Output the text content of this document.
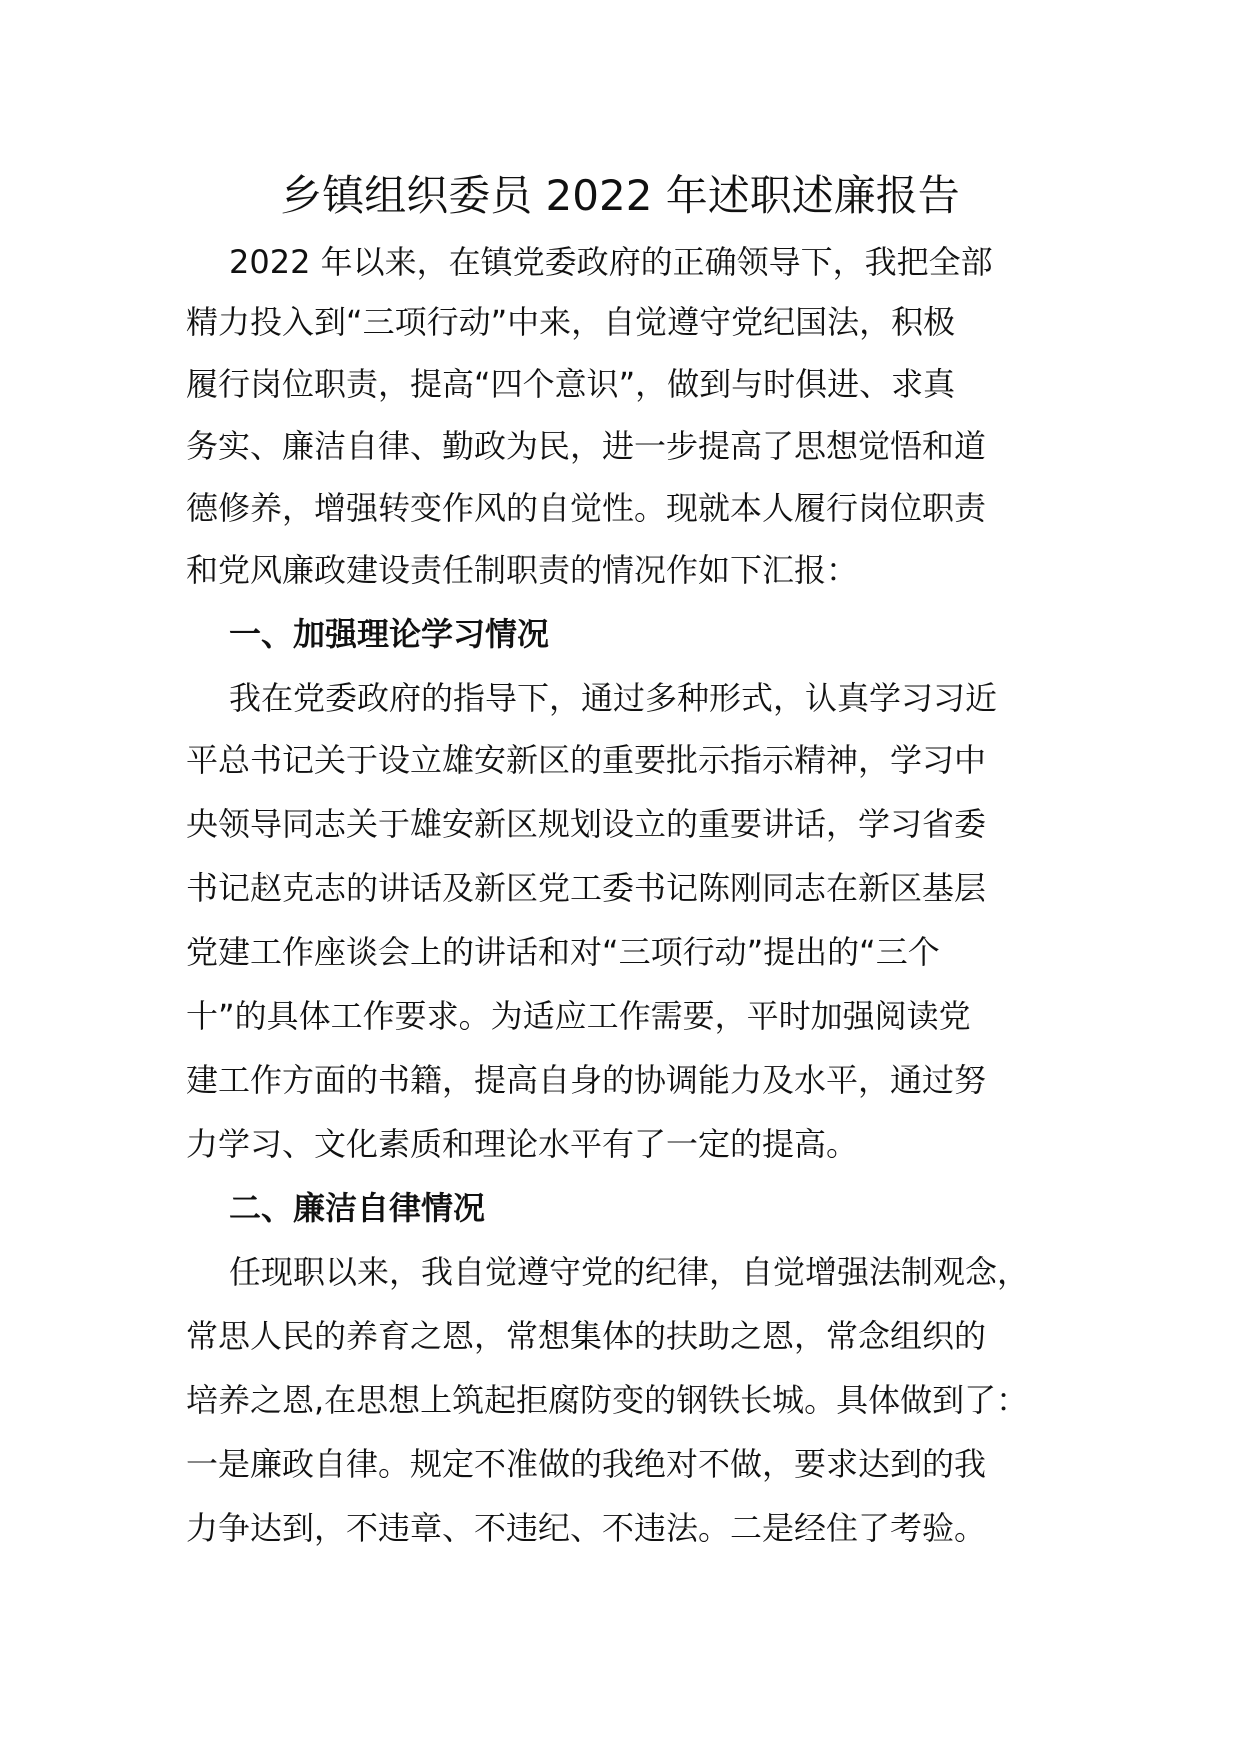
乡镇组织委员 2022 年述职述廉报告

2022 年以来，在镇党委政府的正确领导下，我把全部

精力投入到“三项行动”中来，自觉遵守党纪国法，积极

履行岗位职责，提高“四个意识”，做到与时俱进、求真

务实、廉洁自律、勤政为民，进一步提高了思想觉悟和道

德修养，增强转变作风的自觉性。现就本人履行岗位职责

和党风廉政建设责任制职责的情况作如下汇报：

一、加强理论学习情况

我在党委政府的指导下，通过多种形式，认真学习习近

平总书记关于设立雄安新区的重要批示指示精神，学习中

央领导同志关于雄安新区规划设立的重要讲话，学习省委

书记赵克志的讲话及新区党工委书记陈刚同志在新区基层

党建工作座谈会上的讲话和对“三项行动”提出的“三个

十”的具体工作要求。为适应工作需要，平时加强阅读党

建工作方面的书籍，提高自身的协调能力及水平，通过努

力学习、文化素质和理论水平有了一定的提高。

二、廉洁自律情况

任现职以来，我自觉遵守党的纪律，自觉增强法制观念，

常思人民的养育之恩，常想集体的扶助之恩，常念组织的

培养之恩,在思想上筑起拒腐防变的钢铁长城。具体做到了：

一是廉政自律。规定不准做的我绝对不做，要求达到的我

力争达到，不违章、不违纪、不违法。二是经住了考验。
